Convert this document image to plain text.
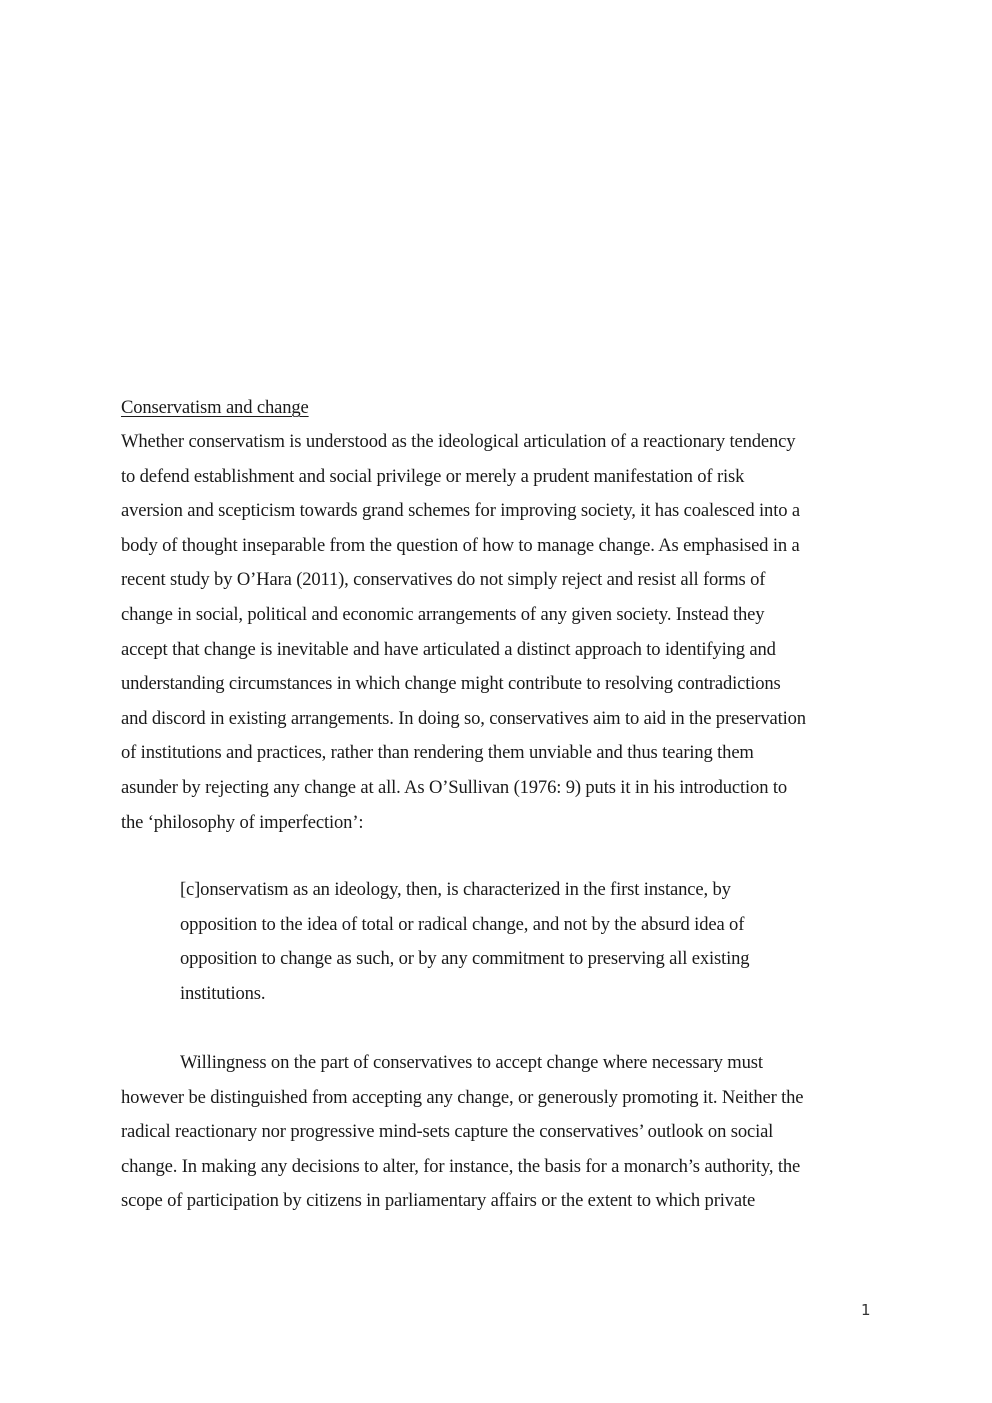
Conservatism and change
Whether conservatism is understood as the ideological articulation of a reactionary tendency
to defend establishment and social privilege or merely a prudent manifestation of risk
aversion and scepticism towards grand schemes for improving society, it has coalesced into a
body of thought inseparable from the question of how to manage change. As emphasised in a
recent study by O’Hara (2011), conservatives do not simply reject and resist all forms of
change in social, political and economic arrangements of any given society. Instead they
accept that change is inevitable and have articulated a distinct approach to identifying and
understanding circumstances in which change might contribute to resolving contradictions
and discord in existing arrangements. In doing so, conservatives aim to aid in the preservation
of institutions and practices, rather than rendering them unviable and thus tearing them
asunder by rejecting any change at all. As O’Sullivan (1976: 9) puts it in his introduction to
the ‘philosophy of imperfection’:
[c]onservatism as an ideology, then, is characterized in the first instance, by
opposition to the idea of total or radical change, and not by the absurd idea of
opposition to change as such, or by any commitment to preserving all existing
institutions.
Willingness on the part of conservatives to accept change where necessary must
however be distinguished from accepting any change, or generously promoting it. Neither the
radical reactionary nor progressive mind-sets capture the conservatives’ outlook on social
change. In making any decisions to alter, for instance, the basis for a monarch’s authority, the
scope of participation by citizens in parliamentary affairs or the extent to which private
1
